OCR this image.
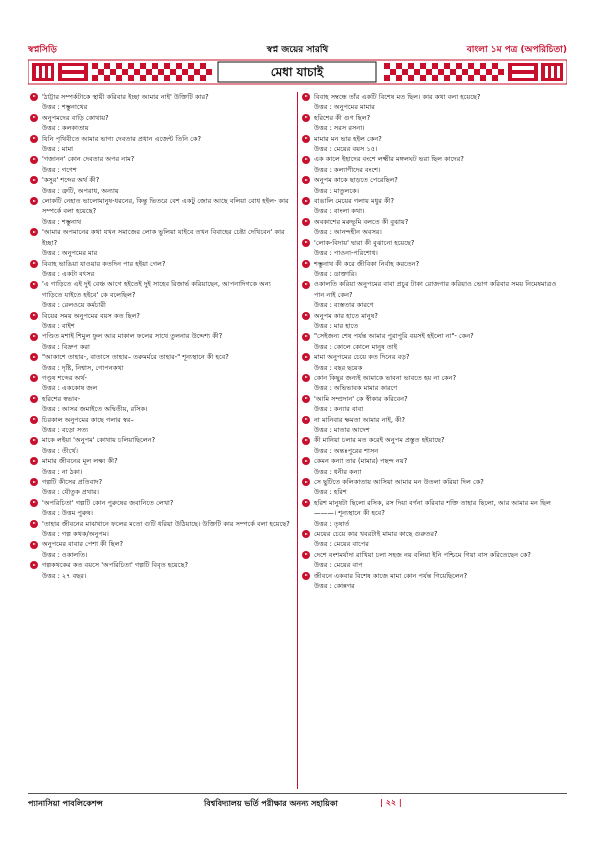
স্বপ্নসিড়ি	স্বপ্ন জয়ের সারথি	বাংলা ১ম পত্র (অপরিচিতা)
মেধা যাচাই
'ঠাট্টার সম্পর্কটাকে স্থায়ী করিবার ইচ্ছা আমার নাই' উক্তিটি কার?
উত্তর : শম্ভুনাথের
অনুপমদের বাড়ি কোথায়?
উত্তর : কলকাতায়
যিনি পৃথিবীতে আমার ভাগ্য দেবতার প্রধান এজেন্ট তিনি কে?
উত্তর : মামা
'গজানন' কোন দেবতার অপর নাম?
উত্তর : গণেশ
'কসুর' শব্দের অর্থ কী?
উত্তর : ত্রুটি, অপরাধ, অন্যায়
লোকটি নেহাত ভালোমানুষ-ধরনের, কিন্তু ভিতরে বেশ একটু জোর আছে বলিয়া বোধ হইল- কার সম্পর্কে বলা হয়েছে?
উত্তর : শম্ভুনাথ
'আমার অপমানের কথা যখন সমাজের লোক ভুলিয়া যাইবে তখন বিবাহের চেষ্টা দেখিবেন' কার ইচ্ছা?
উত্তর : অনুপমের মার
বিবাহ ভাঙিয়া যাওয়ার কতদিন পার হইয়া গেল?
উত্তর : একটা বৎসর
'এ গাড়িতে এই দুই বেঞ্চ আগে হইতেই দুই সাহেব রিজার্ভ করিয়াছেন, আপনাদিগকে অন্য গাড়িতে যাইতে হইবে' কে বলেছিল?
উত্তর : রেলওয়ে কর্মচারী
বিয়ের সময় অনুপমের বয়স কত ছিল?
উত্তর : বাইশ
পণ্ডিত মশাই শিমুল ফুল আর মাকাল ফলের সাথে তুলনার উদ্দেশ্য কী?
উত্তর : বিদ্রুপ করা
"আকাশে তাহার-, বাতাসে তাহার– তরুমর্মরে তাহার-" শূন্যস্থানে কী হবে?
উত্তর : দৃষ্টি, নিশ্বাস, গোপনকথা
গণ্ডূষ শব্দের অর্থ-
উত্তর : এককোষ জল
হরিশের স্বভাব-
উত্তর : আসর জমাইতে অদ্বিতীয়, রসিক।
চিরকাল অনুপমের কাছে গলার স্বর–
উত্তর : বড়ো সত্য
মাকে লইয়া 'অনুপম' কোথায় চলিয়াছিলেন?
উত্তর : তীর্থে।
মামার জীবনের মূল লক্ষ্য কী?
উত্তর : না ঠকা।
গল্পটি কীসের প্রতিবাদ?
উত্তর : যৌতুক প্রথার।
'অপরিচিতা' গল্পটি কোন পুরুষের জবানিতে লেখা?
উত্তর : উত্তম পুরুষ।
'তাহার জীবনের মাঝখানে ফলের মতো গুটি ধরিয়া উঠিয়াছে। উক্তিটি কার সম্পর্কে বলা হয়েছে?
উত্তর : গল্প কথক/অনুপম।
অনুপমের বাবার পেশা কী ছিল?
উত্তর : ওকালতি।
গল্পকথকের কত বয়সে 'অপরিচিতা' গল্পটি বিবৃত হয়েছে?
উত্তর : ২৭ বছর।
বিবাহ সম্বন্ধে তাঁর একটি বিশেষ মত ছিল। কার কথা বলা হয়েছে?
উত্তর : অনুপমের মামার
হরিশের কী গুণ ছিল?
উত্তর : সরস রসনা।
মামার মন ভার হইল কেন?
উত্তর : মেয়ের বয়স ১৫।
এক কালে ইহাদের বংশে লক্ষ্মীর মঙ্গলঘট ভরা ছিল কাদের?
উত্তর : কল্যাণীদের বংশে।
অনুপম কাকে ছাড়তে পেরেছিল?
উত্তর : মাতুলকে।
বাঙালি মেয়ের গলায় মধুর কী?
উত্তর : বাংলা কথা।
অবকাশের মরুভূমি বলতে কী বুঝায়?
উত্তর : আনন্দহীন অবসর।
'লোক-বিদায়' দ্বারা কী বুঝানো হয়েছে?
উত্তর : পাওনা-পরিশোধ।
শম্ভুনাথ কী করে জীবিকা নির্বাহ করতেন?
উত্তর : ডাক্তারি।
ওকালতি করিয়া অনুপমের বাবা প্রচুর টাকা রোজগার করিয়াও ভোগ করিবার সময় নিমেষমাত্রও পান নাই কেন?
উত্তর : ব্যস্ততার কারণে
অনুপম কার হাতে মানুষ?
উত্তর : মার হাতে
"সেইজন্য শেষ পর্যন্ত আমার পুরাপুরি বয়সই হইলো না"- কেন?
উত্তর : কোলে কোলে মানুষ তাই
মামা অনুপমের চেয়ে কত দিনের বড়?
উত্তর : বছর ছয়েক
কোন কিছুর জন্যই আমাকে ভাবনা ভাবতে হয় না কেন?
উত্তর : অভিভাবক মামার কারণে
'আমি সম্প্রদান' কে স্বীকার করিবেন?
উত্তর : কন্যার বাবা
না মানিবার ক্ষমতা আমার নাই, কী?
উত্তর : মাতার আদেশ
কী মানিয়া চলার মত করেই অনুপম প্রস্তুত হইয়াছে?
উত্তর : অন্তঃপুরের শাসন
কেমন কন্যা তার (মামার) পছন্দ নয়?
উত্তর : ধনীর কন্যা
সে ছুটিতে কলিকাতায় আসিয়া আমার মন উতলা করিয়া দিল কে?
উত্তর : হরিশ
হরিশ মানুষটা ছিলো রসিক, রস দিয়া বর্ণনা করিবার শক্তি তাহার ছিলো, আর আমার মন ছিল ———। শূন্যস্থানে কী হবে?
উত্তর : তৃষার্ত
মেয়ের চেয়ে কার খবরটাই মামার কাছে গুরুতর?
উত্তর : মেয়ের বাপের
দেশে বংশমর্যাদা রাখিয়া চলা সহজ নয় বলিয়া ইনি পশ্চিমে গিয়া বাস করিতেছেন কে?
উত্তর : মেয়ের বাপ
জীবনে একবার বিশেষ কাজে মামা কোন পর্যন্ত গিয়েছিলেন?
উত্তর : কোন্নগর
প্যানাসিয়া পাবলিকেশন্স	বিশ্ববিদ্যালয় ভর্তি পরীক্ষার অনন্য সহায়িকা	| ২২ |
